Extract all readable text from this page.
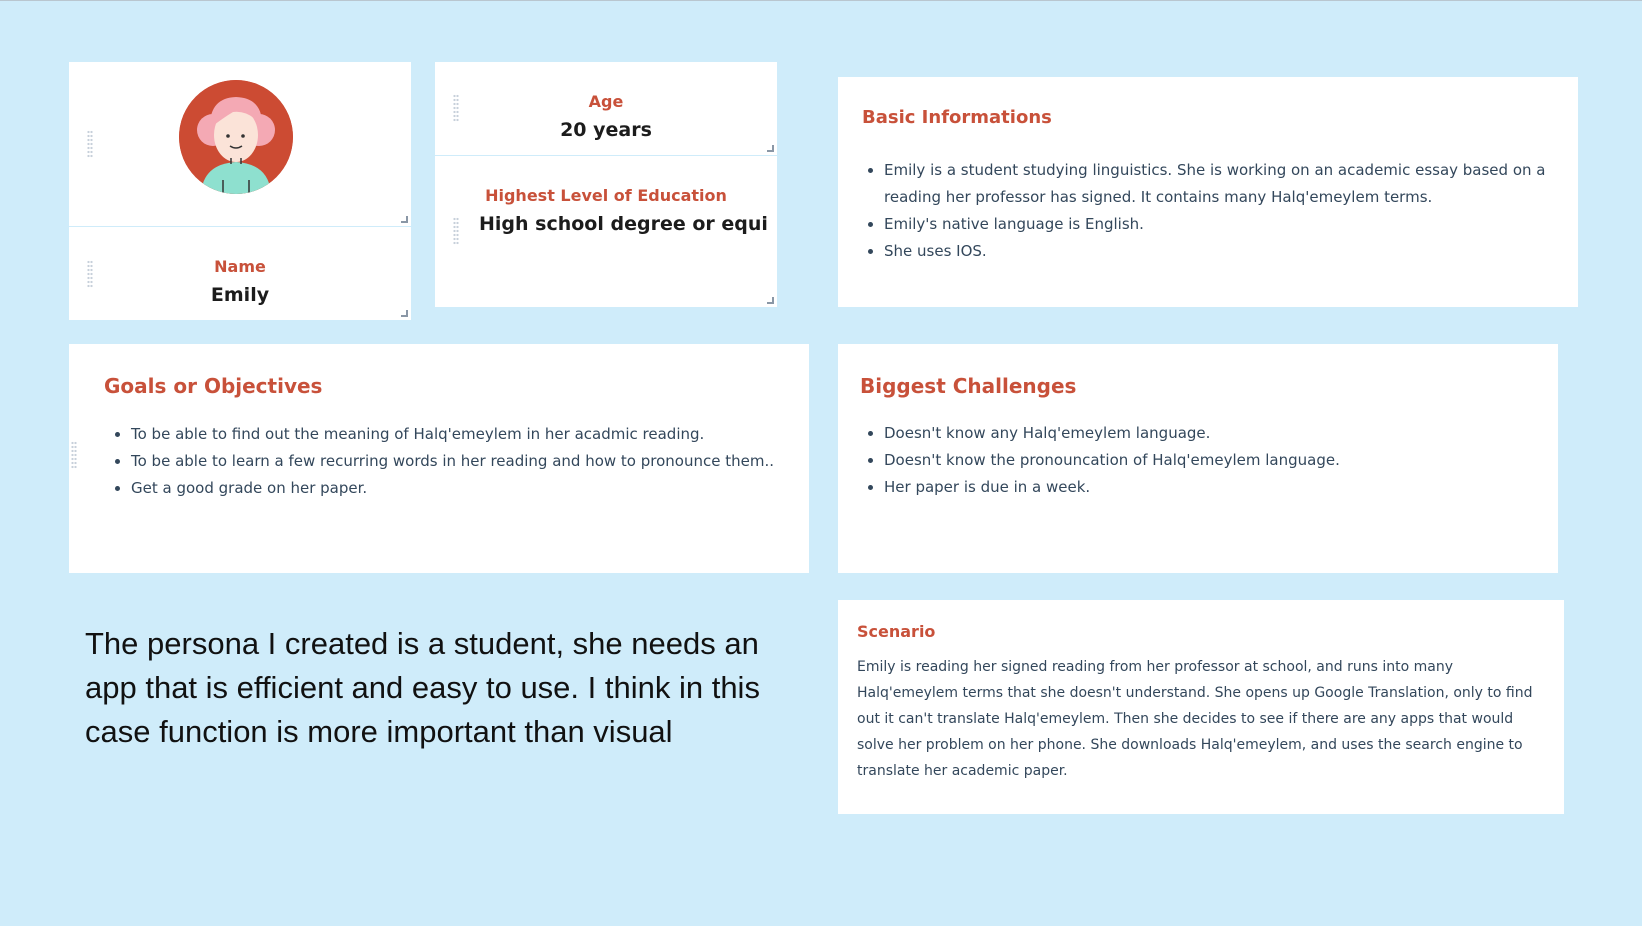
Name
Emily
Age
20 years
Highest Level of Education
High school degree or equi
Basic Informations
• Emily is a student studying linguistics. She is working on an academic essay based on a
reading her professor has signed. It contains many Halq'emeylem terms.
• Emily's native language is English.
• She uses IOS.
Goals or Objectives
• To be able to find out the meaning of Halq'emeylem in her acadmic reading.
• To be able to learn a few recurring words in her reading and how to pronounce them..
• Get a good grade on her paper.
Biggest Challenges
• Doesn't know any Halq'emeylem language.
• Doesn't know the pronouncation of Halq'emeylem language.
• Her paper is due in a week.

The persona I created is a student, she needs an app that is efficient and easy to use. I think in this case function is more important than visual

Scenario

Emily is reading her signed reading from her professor at school, and runs into many Halq'emeylem terms that she doesn't understand. She opens up Google Translation, only to find out it can't translate Halq'emeylem. Then she decides to see if there are any apps that would solve her problem on her phone. She downloads Halq'emeylem, and uses the search engine to translate her academic paper.
